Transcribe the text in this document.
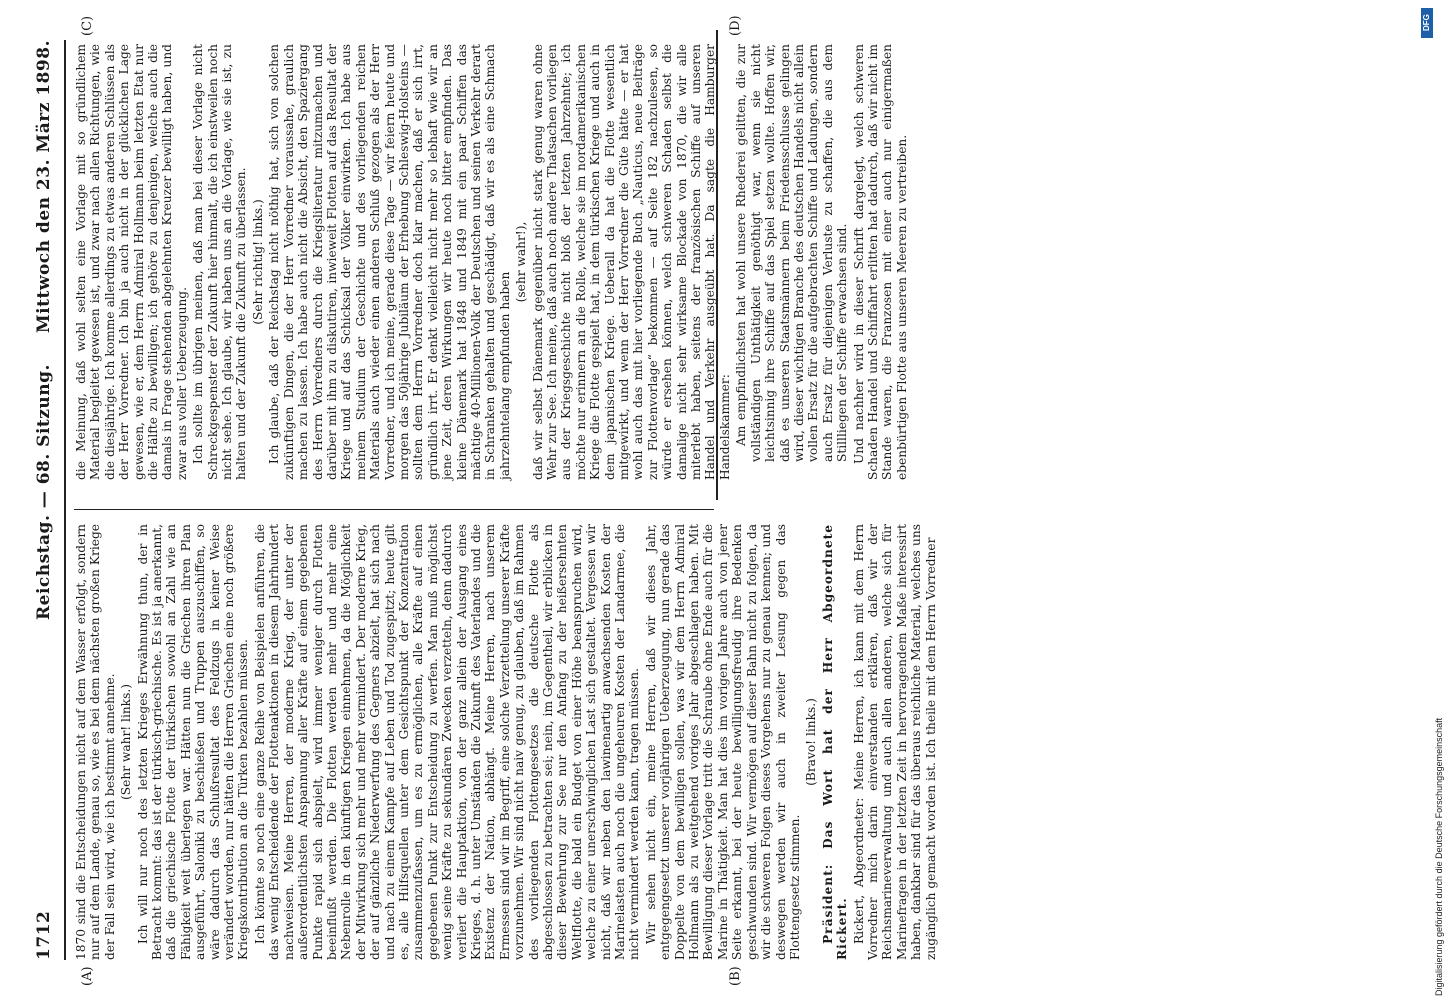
1712
Reichstag. — 68. Sitzung.
Mittwoch den 23. März 1898.
(A)	(B)
(C)	(D)

1870 sind die Entscheidungen nicht auf dem Wasser erfolgt, sondern nur auf dem Lande, genau so, wie es bei dem nächsten großen Kriege der Fall sein wird, wie ich bestimmt annehme. (Sehr wahr! links.) Ich will nur noch des letzten Krieges Erwähnung thun, der in Betracht kommt: das ist der türkisch-griechische. Es ist ja anerkannt, daß die griechische Flotte der türkischen sowohl an Zahl wie an Fähigkeit weit überlegen war. Hätten nun die Griechen ihren Plan ausgeführt, Saloniki zu beschießen und Truppen auszuschiffen, so wäre dadurch das Schlußresultat des Feldzugs in keiner Weise verändert worden, nur hätten die Herren Griechen eine noch größere Kriegskontribution an die Türken bezahlen müssen. Ich könnte so noch eine ganze Reihe von Beispielen anführen, die das wenig Entscheidende der Flottenaktionen in diesem Jahrhundert nachweisen. Meine Herren, der moderne Krieg, der unter der außerordentlichsten Anspannung aller Kräfte auf einem gegebenen Punkte rapid sich abspielt, wird immer weniger durch Flotten beeinflußt werden. Die Flotten werden mehr und mehr eine Nebenrolle in den künftigen Kriegen einnehmen, da die Möglichkeit der Mitwirkung sich mehr und mehr vermindert. Der moderne Krieg, der auf gänzliche Niederwerfung des Gegners abzielt, hat sich nach und nach zu einem Kampfe auf Leben und Tod zugespitzt; heute gilt es, alle Hilfsquellen unter dem Gesichtspunkt der Konzentration zusammenzufassen, um es zu ermöglichen, alle Kräfte auf einen gegebenen Punkt zur Entscheidung zu werfen. Man muß möglichst wenig seine Kräfte zu sekundären Zwecken verzetteln, denn dadurch verliert die Hauptaktion, von der ganz allein der Ausgang eines Krieges, d. h. unter Umständen die Zukunft des Vaterlandes und die Existenz der Nation, abhängt. Meine Herren, nach unserem Ermessen sind wir im Begriff, eine solche Verzettelung unserer Kräfte vorzunehmen. Wir sind nicht naiv genug, zu glauben, daß im Rahmen des vorliegenden Flottengesetzes die deutsche Flotte als abgeschlossen zu betrachten sei; nein, im Gegentheil, wir erblicken in dieser Bewehrung zur See nur den Anfang zu der heißersehnten Weltflotte, die bald ein Budget von einer Höhe beanspruchen wird, welche zu einer unerschwinglichen Last sich gestaltet. Vergessen wir nicht, daß wir neben den lawinenartig anwachsenden Kosten der Marinelasten auch noch die ungeheuren Kosten der Landarmee, die nicht vermindert werden kann, tragen müssen. Wir sehen nicht ein, meine Herren, daß wir dieses Jahr, entgegengesetzt unserer vorjährigen Ueberzeugung, nun gerade das Doppelte von dem bewilligen sollen, was wir dem Herrn Admiral Hollmann als zu weitgehend voriges Jahr abgeschlagen haben. Mit Bewilligung dieser Vorlage tritt die Schraube ohne Ende auch für die Marine in Thätigkeit. Man hat dies im vorigen Jahre auch von jener Seite erkannt, bei der heute bewilligungsfreudig ihre Bedenken geschwunden sind. Wir vermögen auf dieser Bahn nicht zu folgen, da wir die schweren Folgen dieses Vorgehens nur zu genau kennen; und deswegen werden wir auch in zweiter Lesung gegen das Flottengesetz stimmen.

(Bravo! links.) Präsident: Das Wort hat der Herr Abgeordnete Rickert. Rickert, Abgeordneter: Meine Herren, ich kann mit dem Herrn Vorredner mich darin einverstanden erklären, daß wir der Reichsmarineverwaltung und auch allen anderen, welche sich für Marinefragen in der letzten Zeit in hervorragendem Maße interessirt haben, dankbar sind für das überaus reichliche Material, welches uns zugänglich gemacht worden ist. Ich theile mit dem Herrn Vorredner

die Meinung, daß wohl selten eine Vorlage mit so gründlichem Material begleitet gewesen ist, und zwar nach allen Richtungen, wie die diesjährige. Ich komme allerdings zu etwas anderen Schlüssen als der Herr Vorredner. Ich bin ja auch nicht in der glücklichen Lage gewesen, wie er, dem Herrn Admiral Hollmann beim letzten Etat nur die Hälfte zu bewilligen; ich gehöre zu denjenigen, welche auch die damals in Frage stehenden abgelehnten Kreuzer bewilligt haben, und zwar aus voller Ueberzeugung. Ich sollte im übrigen meinen, daß man bei dieser Vorlage nicht Schreckgespenster der Zukunft hier hinmalt, die ich einstweilen noch nicht sehe. Ich glaube, wir haben uns an die Vorlage, wie sie ist, zu halten und der Zukunft die Zukunft zu überlassen. (Sehr richtig! links.) Ich glaube, daß der Reichstag nicht nöthig hat, sich von solchen zukünftigen Dingen, die der Herr Vorredner voraussahe, graulich machen zu lassen. Ich habe auch nicht die Absicht, den Spaziergang des Herrn Vorredners durch die Kriegsliteratur mitzumachen und darüber mit ihm zu diskutiren, inwieweit Flotten auf das Resultat der Kriege und auf das Schicksal der Völker einwirken. Ich habe aus meinem Studium der Geschichte und des vorliegenden reichen Materials auch wieder einen anderen Schluß gezogen als der Herr Vorredner, und ich meine, gerade diese Tage — wir feiern heute und morgen das 50jährige Jubiläum der Erhebung Schleswig-Holsteins — sollten dem Herrn Vorredner doch klar machen, daß er sich irrt, gründlich irrt. Er denkt vielleicht nicht mehr so lebhaft wie wir an jene Zeit, deren Wirkungen wir heute noch bitter empfinden. Das kleine Dänemark hat 1848 und 1849 mit ein paar Schiffen das mächtige 40-Millionen-Volk der Deutschen und seinen Verkehr derart in Schranken gehalten und geschädigt, daß wir es als eine Schmach jahrzehntelang empfunden haben

(sehr wahr!), daß wir selbst Dänemark gegenüber nicht stark genug waren ohne Wehr zur See. Ich meine, daß auch noch andere Thatsachen vorliegen aus der Kriegsgeschichte nicht bloß der letzten Jahrzehnte; ich möchte nur erinnern an die Rolle, welche sie im nordamerikanischen Kriege die Flotte gespielt hat, in dem türkischen Kriege und auch in dem japanischen Kriege. Ueberall da hat die Flotte wesentlich mitgewirkt, und wenn der Herr Vorredner die Güte hätte — er hat wohl auch das mit hier vorliegende Buch „Nauticus, neue Beiträge zur Flottenvorlage“ bekommen — auf Seite 182 nachzulesen, so würde er ersehen können, welch schweren Schaden selbst die damalige nicht sehr wirksame Blockade von 1870, die wir alle miterlebt haben, seitens der französischen Schiffe auf unseren Handel und Verkehr ausgeübt hat. Da sagte die Hamburger Handelskammer: Am empfindlichsten hat wohl unsere Rhederei gelitten, die zur vollständigen Unthätigkeit genöthigt war, wenn sie nicht leichtsinnig ihre Schiffe auf das Spiel setzen wollte. Hoffen wir, daß es unseren Staatsmännern beim Friedensschlusse gelingen wird, dieser wichtigen Branche des deutschen Handels nicht allein vollen Ersatz für die aufgebrachten Schiffe und Ladungen, sondern auch Ersatz für diejenigen Verluste zu schaffen, die aus dem Stillliegen der Schiffe erwachsen sind. Und nachher wird in dieser Schrift dargelegt, welch schweren Schaden Handel und Schiffahrt erlitten hat dadurch, daß wir nicht im Stande waren, die Franzosen mit einer auch nur einigermaßen ebenbürtigen Flotte aus unseren Meeren zu vertreiben.

DFG
Digitalisierung gefördert durch die Deutsche Forschungsgemeinschaft
